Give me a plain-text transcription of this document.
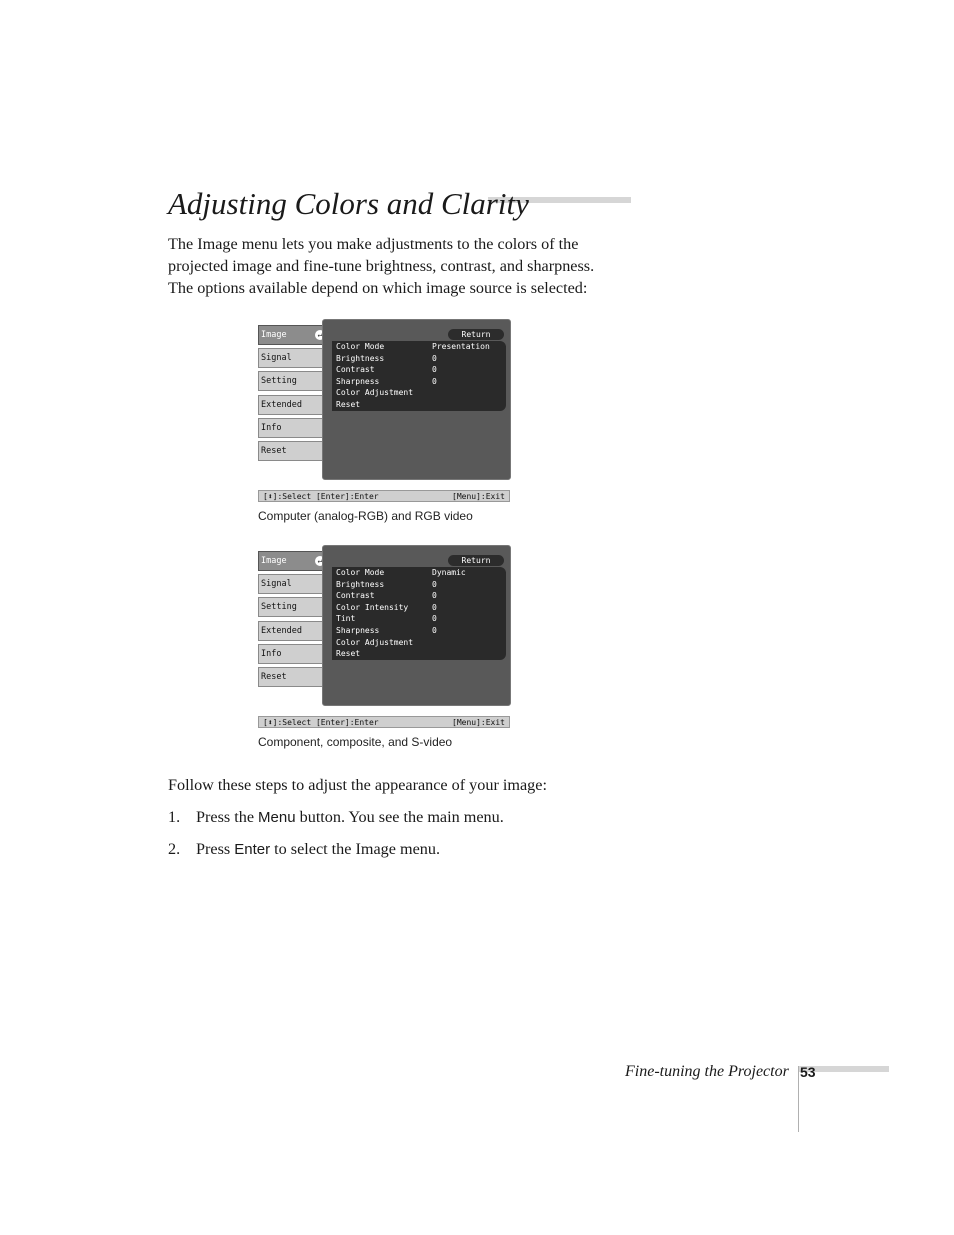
Adjusting Colors and Clarity

The Image menu lets you make adjustments to the colors of the
projected image and fine-tune brightness, contrast, and sharpness.
The options available depend on which image source is selected:

Image	↵
Signal
Setting
Extended
Info
Reset
Return
Color Mode	Presentation
Brightness	0
Contrast	0
Sharpness	0
Color Adjustment
Reset
[⬍]:Select [Enter]:Enter	[Menu]:Exit

Computer (analog-RGB) and RGB video

Image	↵
Signal
Setting
Extended
Info
Reset
Return
Color Mode	Dynamic
Brightness	0
Contrast	0
Color Intensity	0
Tint	0
Sharpness	0
Color Adjustment
Reset
[⬍]:Select [Enter]:Enter	[Menu]:Exit

Component, composite, and S-video

Follow these steps to adjust the appearance of your image:

1. Press the Menu button. You see the main menu.
2. Press Enter to select the Image menu.
Fine-tuning the Projector 53
